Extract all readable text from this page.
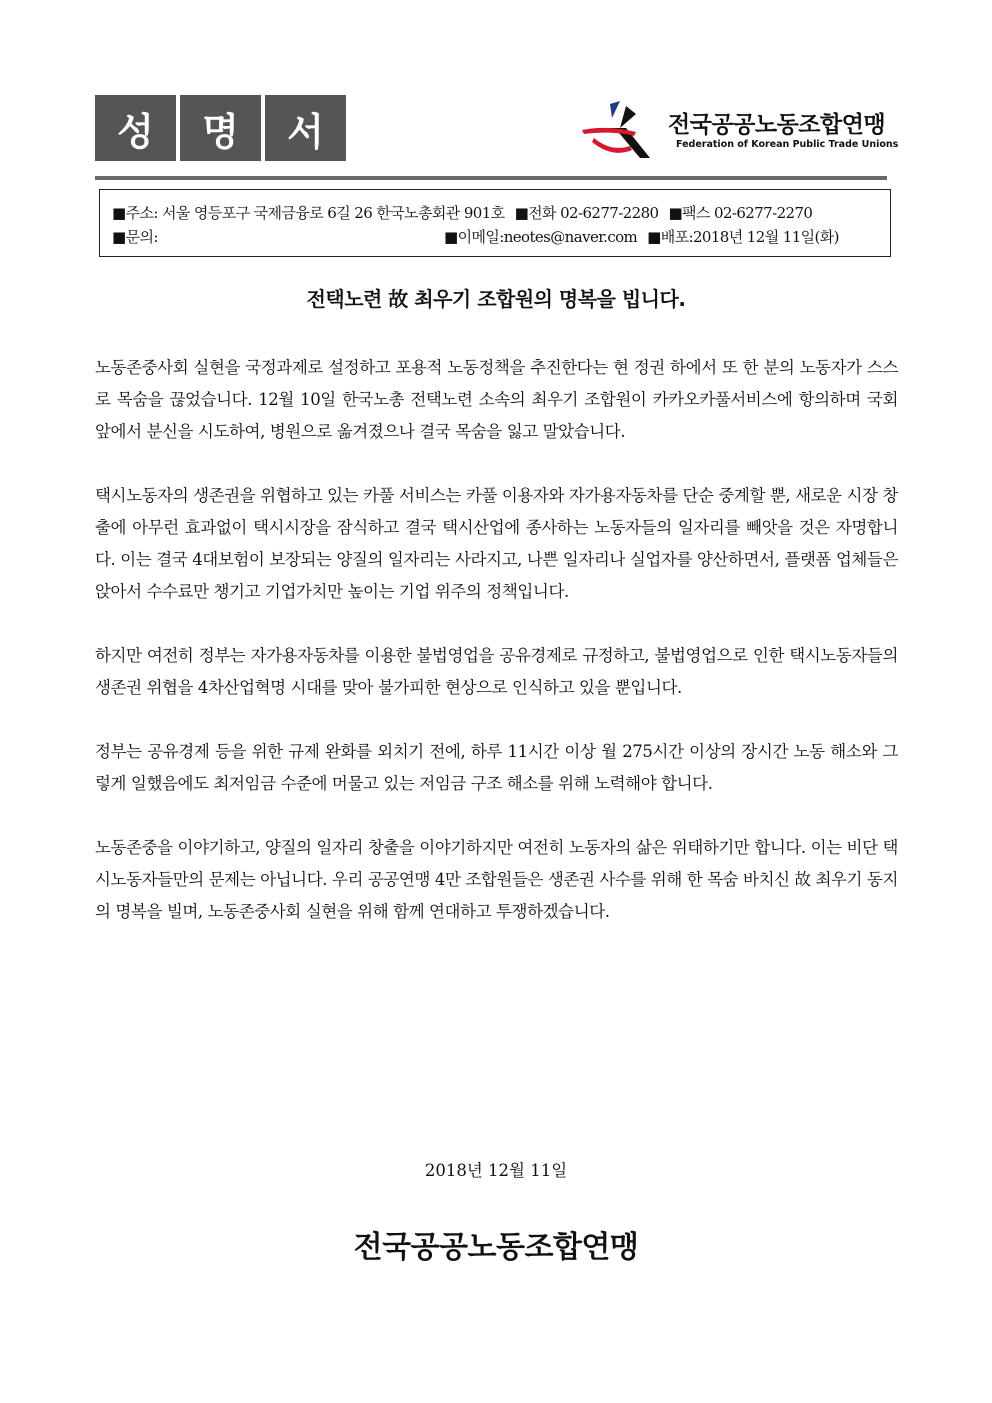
성	명	서	전국공공노동조합연맹
Federation of Korean Public Trade Unions
■주소: 서울 영등포구 국제금융로 6길 26 한국노총회관 901호 ■전화 02-6277-2280 ■팩스 02-6277-2270
■문의:	■이메일:neotes@naver.com ■배포:2018년 12월 11일(화)
전택노련 故 최우기 조합원의 명복을 빕니다.

노동존중사회 실현을 국정과제로 설정하고 포용적 노동정책을 추진한다는 현 정권 하에서 또 한 분의 노동자가 스스로 목숨을 끊었습니다. 12월 10일 한국노총 전택노련 소속의 최우기 조합원이 카카오카풀서비스에 항의하며 국회 앞에서 분신을 시도하여, 병원으로 옮겨졌으나 결국 목숨을 잃고 말았습니다.

택시노동자의 생존권을 위협하고 있는 카풀 서비스는 카풀 이용자와 자가용자동차를 단순 중계할 뿐, 새로운 시장 창출에 아무런 효과없이 택시시장을 잠식하고 결국 택시산업에 종사하는 노동자들의 일자리를 빼앗을 것은 자명합니다. 이는 결국 4대보험이 보장되는 양질의 일자리는 사라지고, 나쁜 일자리나 실업자를 양산하면서, 플랫폼 업체들은 앉아서 수수료만 챙기고 기업가치만 높이는 기업 위주의 정책입니다.

하지만 여전히 정부는 자가용자동차를 이용한 불법영업을 공유경제로 규정하고, 불법영업으로 인한 택시노동자들의 생존권 위협을 4차산업혁명 시대를 맞아 불가피한 현상으로 인식하고 있을 뿐입니다.

정부는 공유경제 등을 위한 규제 완화를 외치기 전에, 하루 11시간 이상 월 275시간 이상의 장시간 노동 해소와 그렇게 일했음에도 최저임금 수준에 머물고 있는 저임금 구조 해소를 위해 노력해야 합니다.

노동존중을 이야기하고, 양질의 일자리 창출을 이야기하지만 여전히 노동자의 삶은 위태하기만 합니다. 이는 비단 택시노동자들만의 문제는 아닙니다. 우리 공공연맹 4만 조합원들은 생존권 사수를 위해 한 목숨 바치신 故 최우기 동지의 명복을 빌며, 노동존중사회 실현을 위해 함께 연대하고 투쟁하겠습니다.

2018년 12월 11일
전국공공노동조합연맹
